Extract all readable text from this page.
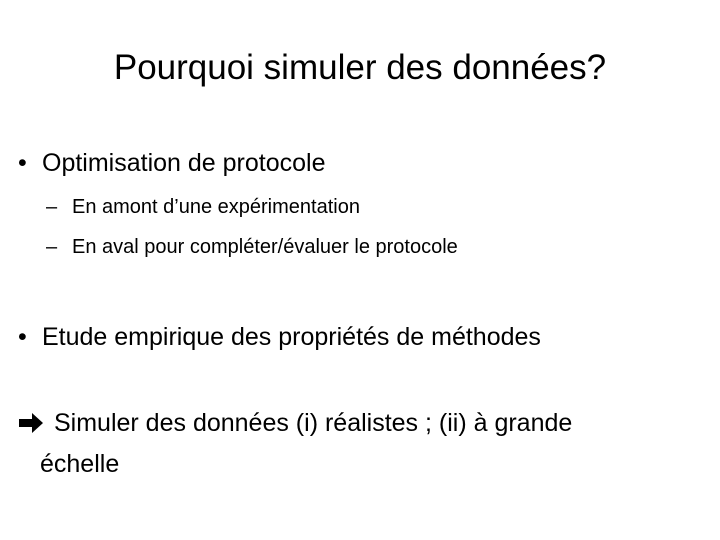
Pourquoi simuler des données?
• Optimisation de protocole
– En amont d’une expérimentation
– En aval pour compléter/évaluer le protocole
• Etude empirique des propriétés de méthodes
Simuler des données (i) réalistes ; (ii) à grande
échelle
